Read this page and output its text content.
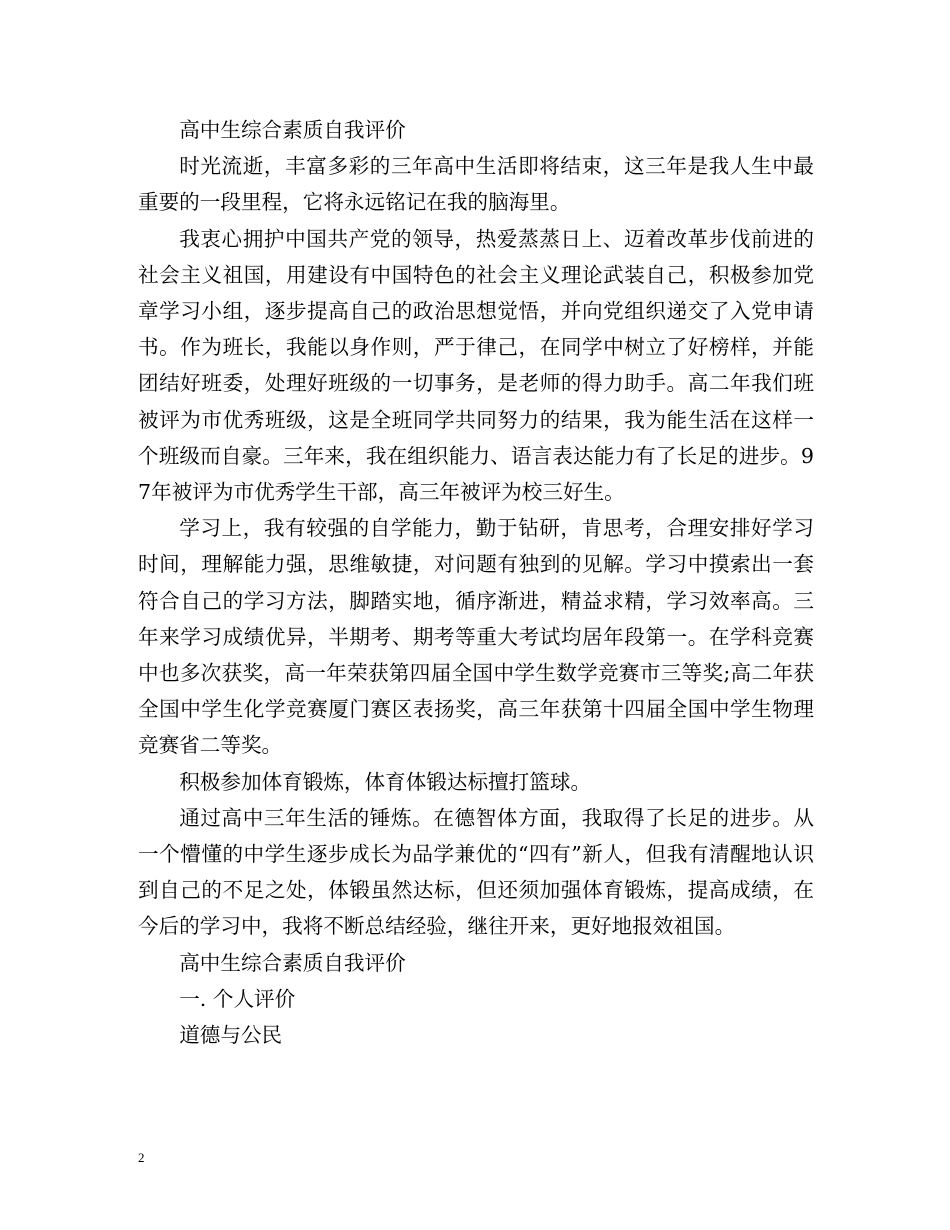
高中生综合素质自我评价

时光流逝，丰富多彩的三年高中生活即将结束，这三年是我人生中最重要的一段里程，它将永远铭记在我的脑海里。

我衷心拥护中国共产党的领导，热爱蒸蒸日上、迈着改革步伐前进的社会主义祖国，用建设有中国特色的社会主义理论武装自己，积极参加党章学习小组，逐步提高自己的政治思想觉悟，并向党组织递交了入党申请书。作为班长，我能以身作则，严于律己，在同学中树立了好榜样，并能团结好班委，处理好班级的一切事务，是老师的得力助手。高二年我们班被评为市优秀班级，这是全班同学共同努力的结果，我为能生活在这样一个班级而自豪。三年来，我在组织能力、语言表达能力有了长足的进步。97年被评为市优秀学生干部，高三年被评为校三好生。

学习上，我有较强的自学能力，勤于钻研，肯思考，合理安排好学习时间，理解能力强，思维敏捷，对问题有独到的见解。学习中摸索出一套符合自己的学习方法，脚踏实地，循序渐进，精益求精，学习效率高。三年来学习成绩优异，半期考、期考等重大考试均居年段第一。在学科竞赛中也多次获奖，高一年荣获第四届全国中学生数学竞赛市三等奖;高二年获全国中学生化学竞赛厦门赛区表扬奖，高三年获第十四届全国中学生物理竞赛省二等奖。

积极参加体育锻炼，体育体锻达标擅打篮球。

通过高中三年生活的锤炼。在德智体方面，我取得了长足的进步。从一个懵懂的中学生逐步成长为品学兼优的“四有”新人，但我有清醒地认识到自己的不足之处，体锻虽然达标，但还须加强体育锻炼，提高成绩，在今后的学习中，我将不断总结经验，继往开来，更好地报效祖国。

高中生综合素质自我评价

一. 个人评价

道德与公民

2
